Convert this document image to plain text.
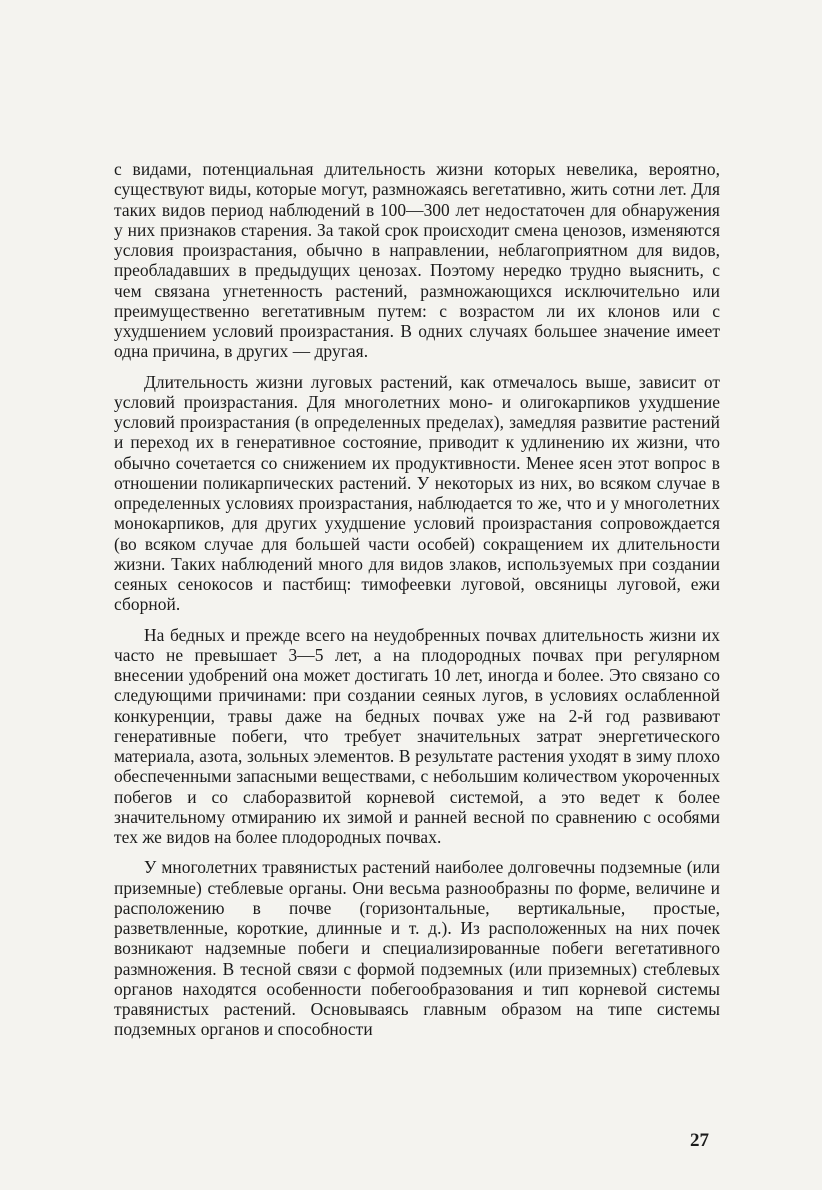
с видами, потенциальная длительность жизни которых невелика, вероятно, существуют виды, которые могут, размножаясь вегетативно, жить сотни лет. Для таких видов период наблюдений в 100—300 лет недостаточен для обнаружения у них признаков старения. За такой срок происходит смена ценозов, изменяются условия произрастания, обычно в направлении, неблагоприятном для видов, преобладавших в предыдущих ценозах. Поэтому нередко трудно выяснить, с чем связана угнетенность растений, размножающихся исключительно или преимущественно вегетативным путем: с возрастом ли их клонов или с ухудшением условий произрастания. В одних случаях большее значение имеет одна причина, в других — другая.

Длительность жизни луговых растений, как отмечалось выше, зависит от условий произрастания. Для многолетних моно- и олигокарпиков ухудшение условий произрастания (в определенных пределах), замедляя развитие растений и переход их в генеративное состояние, приводит к удлинению их жизни, что обычно сочетается со снижением их продуктивности. Менее ясен этот вопрос в отношении поликарпических растений. У некоторых из них, во всяком случае в определенных условиях произрастания, наблюдается то же, что и у многолетних монокарпиков, для других ухудшение условий произрастания сопровождается (во всяком случае для большей части особей) сокращением их длительности жизни. Таких наблюдений много для видов злаков, используемых при создании сеяных сенокосов и пастбищ: тимофеевки луговой, овсяницы луговой, ежи сборной.

На бедных и прежде всего на неудобренных почвах длительность жизни их часто не превышает 3—5 лет, а на плодородных почвах при регулярном внесении удобрений она может достигать 10 лет, иногда и более. Это связано со следующими причинами: при создании сеяных лугов, в условиях ослабленной конкуренции, травы даже на бедных почвах уже на 2-й год развивают генеративные побеги, что требует значительных затрат энергетического материала, азота, зольных элементов. В результате растения уходят в зиму плохо обеспеченными запасными веществами, с небольшим количеством укороченных побегов и со слаборазвитой корневой системой, а это ведет к более значительному отмиранию их зимой и ранней весной по сравнению с особями тех же видов на более плодородных почвах.

У многолетних травянистых растений наиболее долговечны подземные (или приземные) стеблевые органы. Они весьма разнообразны по форме, величине и расположению в почве (горизонтальные, вертикальные, простые, разветвленные, короткие, длинные и т. д.). Из расположенных на них почек возникают надземные побеги и специализированные побеги вегетативного размножения. В тесной связи с формой подземных (или приземных) стеблевых органов находятся особенности побегообразования и тип корневой системы травянистых растений. Основываясь главным образом на типе системы подземных органов и способности

27
